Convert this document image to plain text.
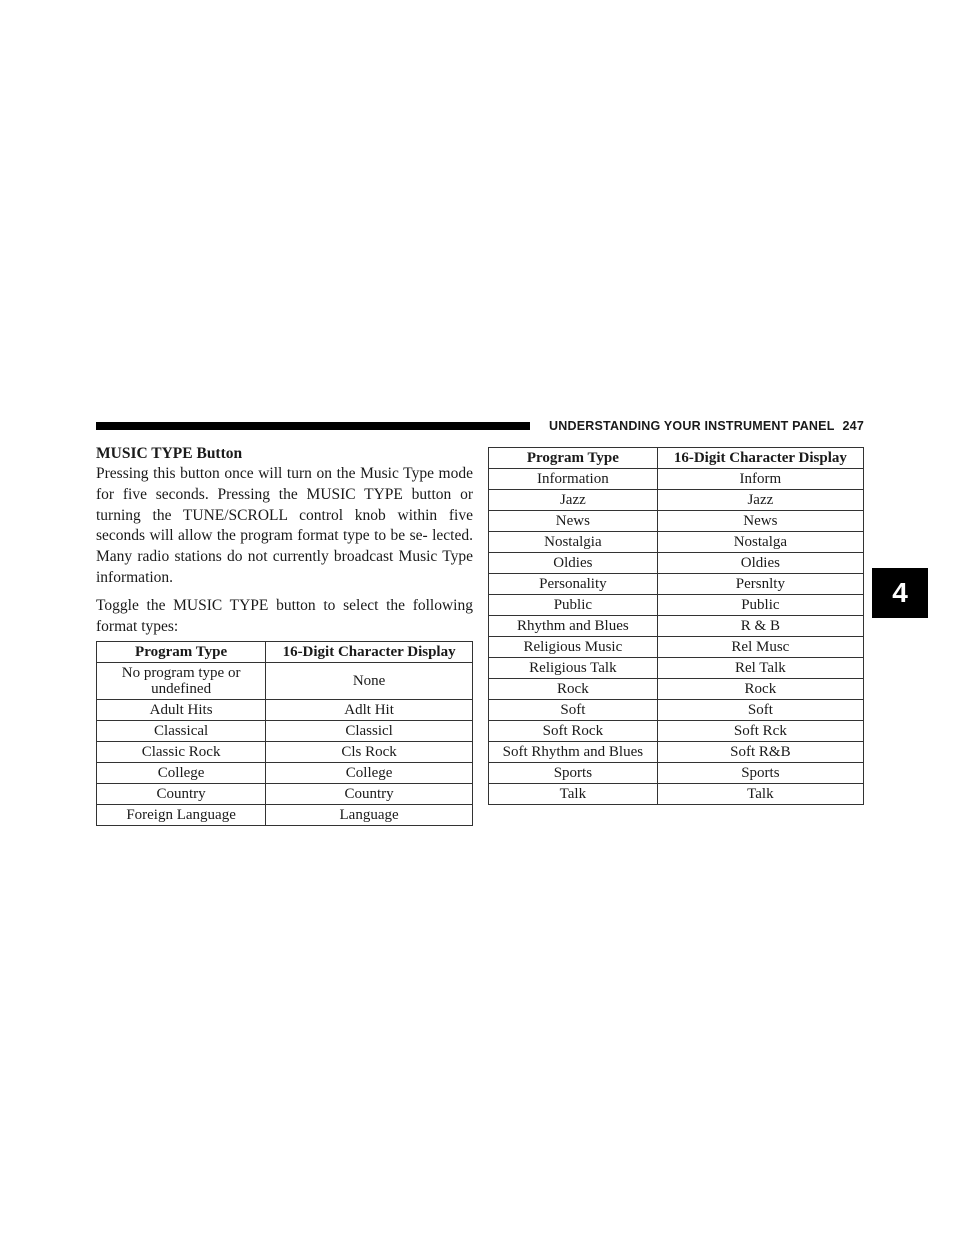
UNDERSTANDING YOUR INSTRUMENT PANEL 247
4
MUSIC TYPE Button

Pressing this button once will turn on the Music Type mode for five seconds. Pressing the MUSIC TYPE button or turning the TUNE/SCROLL control knob within five seconds will allow the program format type to be se- lected. Many radio stations do not currently broadcast Music Type information.

Toggle the MUSIC TYPE button to select the following format types:

Program Type	16-Digit Character Display
No program type or undefined	None
Adult Hits	Adlt Hit
Classical	Classicl
Classic Rock	Cls Rock
College	College
Country	Country
Foreign Language	Language
Program Type	16-Digit Character Display
Information	Inform
Jazz	Jazz
News	News
Nostalgia	Nostalga
Oldies	Oldies
Personality	Persnlty
Public	Public
Rhythm and Blues	R & B
Religious Music	Rel Musc
Religious Talk	Rel Talk
Rock	Rock
Soft	Soft
Soft Rock	Soft Rck
Soft Rhythm and Blues	Soft R&B
Sports	Sports
Talk	Talk
